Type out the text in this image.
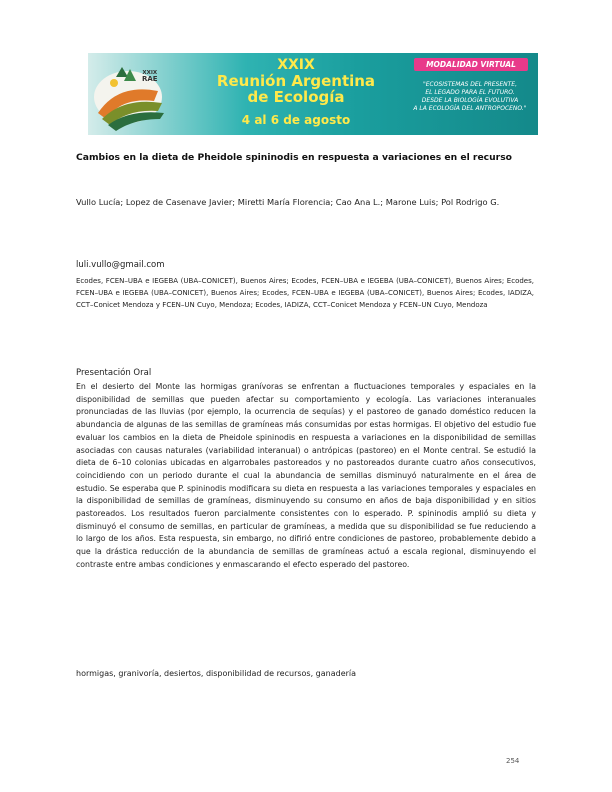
XXIX
RAE
XXIX
Reunión Argentina
de Ecología
4 al 6 de agosto
MODALIDAD VIRTUAL
"ECOSISTEMAS DEL PRESENTE,
EL LEGADO PARA EL FUTURO.
DESDE LA BIOLOGÍA EVOLUTIVA
A LA ECOLOGÍA DEL ANTROPOCENO."
Cambios en la dieta de Pheidole spininodis en respuesta a variaciones en el recurso
Vullo Lucía; Lopez de Casenave Javier; Miretti María Florencia; Cao Ana L.; Marone Luis; Pol Rodrigo G.
luli.vullo@gmail.com
Ecodes, FCEN–UBA e IEGEBA (UBA–CONICET), Buenos Aires; Ecodes, FCEN–UBA e IEGEBA (UBA–CONICET), Buenos Aires; Ecodes, FCEN–UBA e IEGEBA (UBA–CONICET), Buenos Aires; Ecodes, FCEN–UBA e IEGEBA (UBA–CONICET), Buenos Aires; Ecodes, IADIZA, CCT–Conicet Mendoza y FCEN–UN Cuyo, Mendoza; Ecodes, IADIZA, CCT–Conicet Mendoza y FCEN–UN Cuyo, Mendoza
Presentación Oral
En el desierto del Monte las hormigas granívoras se enfrentan a fluctuaciones temporales y espaciales en la disponibilidad de semillas que pueden afectar su comportamiento y ecología. Las variaciones interanuales pronunciadas de las lluvias (por ejemplo, la ocurrencia de sequías) y el pastoreo de ganado doméstico reducen la abundancia de algunas de las semillas de gramíneas más consumidas por estas hormigas. El objetivo del estudio fue evaluar los cambios en la dieta de Pheidole spininodis en respuesta a variaciones en la disponibilidad de semillas asociadas con causas naturales (variabilidad interanual) o antrópicas (pastoreo) en el Monte central. Se estudió la dieta de 6–10 colonias ubicadas en algarrobales pastoreados y no pastoreados durante cuatro años consecutivos, coincidiendo con un periodo durante el cual la abundancia de semillas disminuyó naturalmente en el área de estudio. Se esperaba que P. spininodis modificara su dieta en respuesta a las variaciones temporales y espaciales en la disponibilidad de semillas de gramíneas, disminuyendo su consumo en años de baja disponibilidad y en sitios pastoreados. Los resultados fueron parcialmente consistentes con lo esperado. P. spininodis amplió su dieta y disminuyó el consumo de semillas, en particular de gramíneas, a medida que su disponibilidad se fue reduciendo a lo largo de los años. Esta respuesta, sin embargo, no difirió entre condiciones de pastoreo, probablemente debido a que la drástica reducción de la abundancia de semillas de gramíneas actuó a escala regional, disminuyendo el contraste entre ambas condiciones y enmascarando el efecto esperado del pastoreo.
hormigas, granivoría, desiertos, disponibilidad de recursos, ganadería
254
